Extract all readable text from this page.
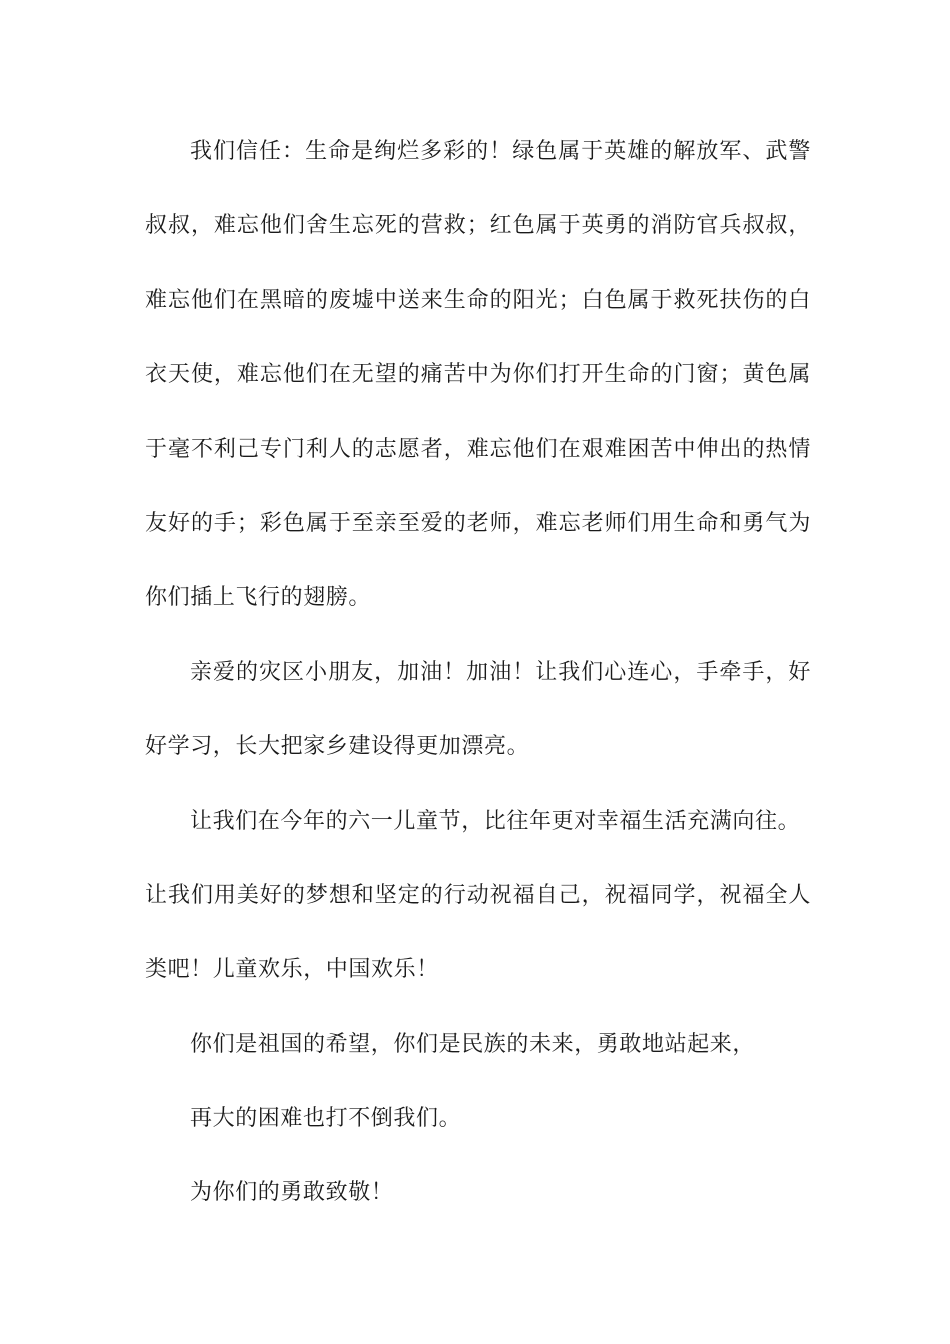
我们信任：生命是绚烂多彩的！绿色属于英雄的解放军、武警
叔叔，难忘他们舍生忘死的营救；红色属于英勇的消防官兵叔叔，
难忘他们在黑暗的废墟中送来生命的阳光；白色属于救死扶伤的白
衣天使，难忘他们在无望的痛苦中为你们打开生命的门窗；黄色属
于毫不利己专门利人的志愿者，难忘他们在艰难困苦中伸出的热情
友好的手；彩色属于至亲至爱的老师，难忘老师们用生命和勇气为
你们插上飞行的翅膀。
亲爱的灾区小朋友，加油！加油！让我们心连心，手牵手，好
好学习，长大把家乡建设得更加漂亮。
让我们在今年的六一儿童节，比往年更对幸福生活充满向往。
让我们用美好的梦想和坚定的行动祝福自己，祝福同学，祝福全人
类吧！儿童欢乐，中国欢乐！
你们是祖国的希望，你们是民族的未来，勇敢地站起来，
再大的困难也打不倒我们。
为你们的勇敢致敬！
